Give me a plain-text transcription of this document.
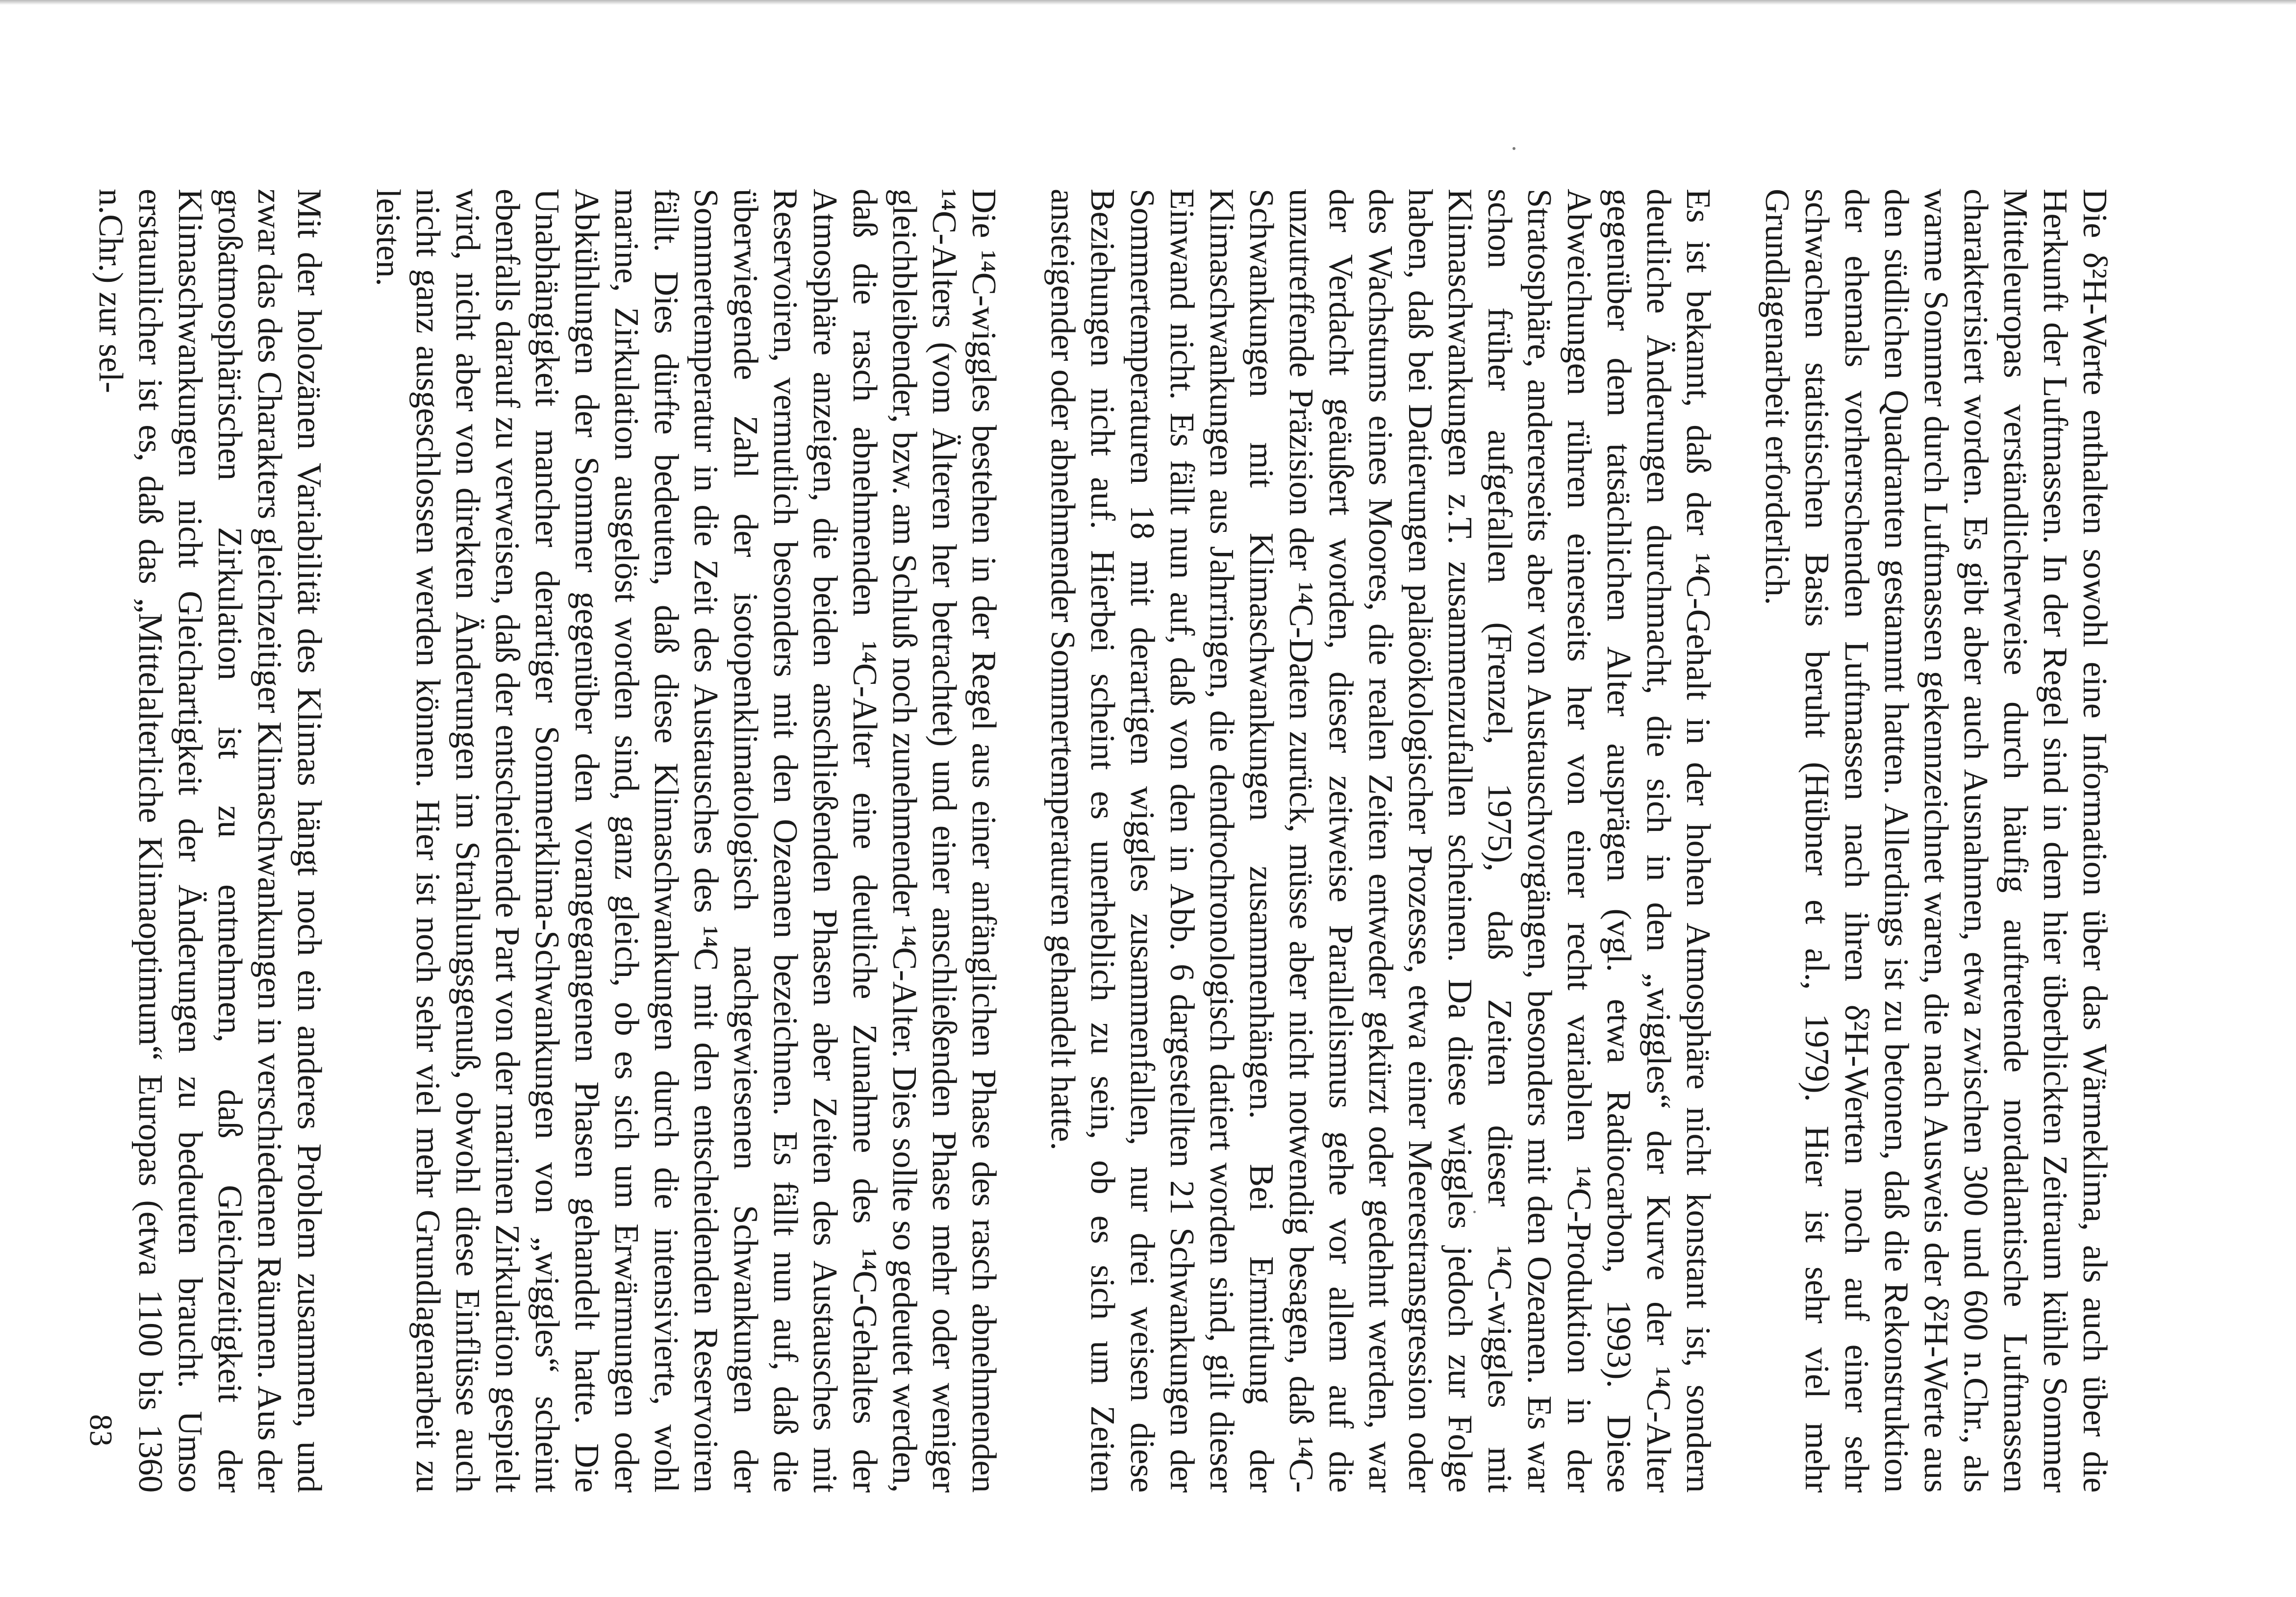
Die δ²H-Werte enthalten sowohl eine Information über das Wärmeklima, als auch über die Herkunft der Luftmassen. In der Regel sind in dem hier überblickten Zeitraum kühle Sommer Mitteleuropas verständlicherweise durch häufig auftretende nordatlantische Luftmassen charakterisiert worden. Es gibt aber auch Ausnahmen, etwa zwischen 300 und 600 n.Chr., als warme Sommer durch Luftmassen gekennzeichnet waren, die nach Ausweis der δ²H-Werte aus den südlichen Quadranten gestammt hatten. Allerdings ist zu betonen, daß die Rekonstruktion der ehemals vorherrschenden Luftmassen nach ihren δ²H-Werten noch auf einer sehr schwachen statistischen Basis beruht (Hübner et al., 1979). Hier ist sehr viel mehr Grundlagenarbeit erforderlich.

Es ist bekannt, daß der ¹⁴C-Gehalt in der hohen Atmosphäre nicht konstant ist, sondern deutliche Änderungen durchmacht, die sich in den „wiggles“ der Kurve der ¹⁴C-Alter gegenüber dem tatsächlichen Alter ausprägen (vgl. etwa Radiocarbon, 1993). Diese Abweichungen rühren einerseits her von einer recht variablen ¹⁴C-Produktion in der Stratosphäre, andererseits aber von Austauschvorgängen, besonders mit den Ozeanen. Es war schon früher aufgefallen (Frenzel, 1975), daß Zeiten dieser ¹⁴C-wiggles mit Klimaschwankungen z.T. zusammenzufallen scheinen. Da diese wiggles jedoch zur Folge haben, daß bei Datierungen paläoökologischer Prozesse, etwa einer Meerestransgression oder des Wachstums eines Moores, die realen Zeiten entweder gekürzt oder gedehnt werden, war der Verdacht geäußert worden, dieser zeitweise Parallelismus gehe vor allem auf die unzutreffende Präzision der ¹⁴C-Daten zurück, müsse aber nicht notwendig besagen, daß ¹⁴C-Schwankungen mit Klimaschwankungen zusammenhängen. Bei Ermittlung der Klimaschwankungen aus Jahrringen, die dendrochronologisch datiert worden sind, gilt dieser Einwand nicht. Es fällt nun auf, daß von den in Abb. 6 dargestellten 21 Schwankungen der Sommertemperaturen 18 mit derartigen wiggles zusammenfallen, nur drei weisen diese Beziehungen nicht auf. Hierbei scheint es unerheblich zu sein, ob es sich um Zeiten ansteigender oder abnehmender Sommertemperaturen gehandelt hatte.

Die ¹⁴C-wiggles bestehen in der Regel aus einer anfänglichen Phase des rasch abnehmenden ¹⁴C-Alters (vom Älteren her betrachtet) und einer anschließenden Phase mehr oder weniger gleichbleibender, bzw. am Schluß noch zunehmender ¹⁴C-Alter. Dies sollte so gedeutet werden, daß die rasch abnehmenden ¹⁴C-Alter eine deutliche Zunahme des ¹⁴C-Gehaltes der Atmosphäre anzeigen, die beiden anschließenden Phasen aber Zeiten des Austausches mit Reservoiren, vermutlich besonders mit den Ozeanen bezeichnen. Es fällt nun auf, daß die überwiegende Zahl der isotopenklimatologisch nachgewiesenen Schwankungen der Sommertemperatur in die Zeit des Austausches des ¹⁴C mit den entscheidenden Reservoiren fällt. Dies dürfte bedeuten, daß diese Klimaschwankungen durch die intensivierte, wohl marine, Zirkulation ausgelöst worden sind, ganz gleich, ob es sich um Erwärmungen oder Abkühlungen der Sommer gegenüber den vorangegangenen Phasen gehandelt hatte. Die Unabhängigkeit mancher derartiger Sommerklima-Schwankungen von „wiggles“ scheint ebenfalls darauf zu verweisen, daß der entscheidende Part von der marinen Zirkulation gespielt wird, nicht aber von direkten Änderungen im Strahlungsgenuß, obwohl diese Einflüsse auch nicht ganz ausgeschlossen werden können. Hier ist noch sehr viel mehr Grundlagenarbeit zu leisten.

Mit der holozänen Variabilität des Klimas hängt noch ein anderes Problem zusammen, und zwar das des Charakters gleichzeitiger Klimaschwankungen in verschiedenen Räumen. Aus der großatmosphärischen Zirkulation ist zu entnehmen, daß Gleichzeitigkeit der Klimaschwankungen nicht Gleichartigkeit der Änderungen zu bedeuten braucht. Umso erstaunlicher ist es, daß das „Mittelalterliche Klimaoptimum“ Europas (etwa 1100 bis 1360 n.Chr.) zur sel-

83
